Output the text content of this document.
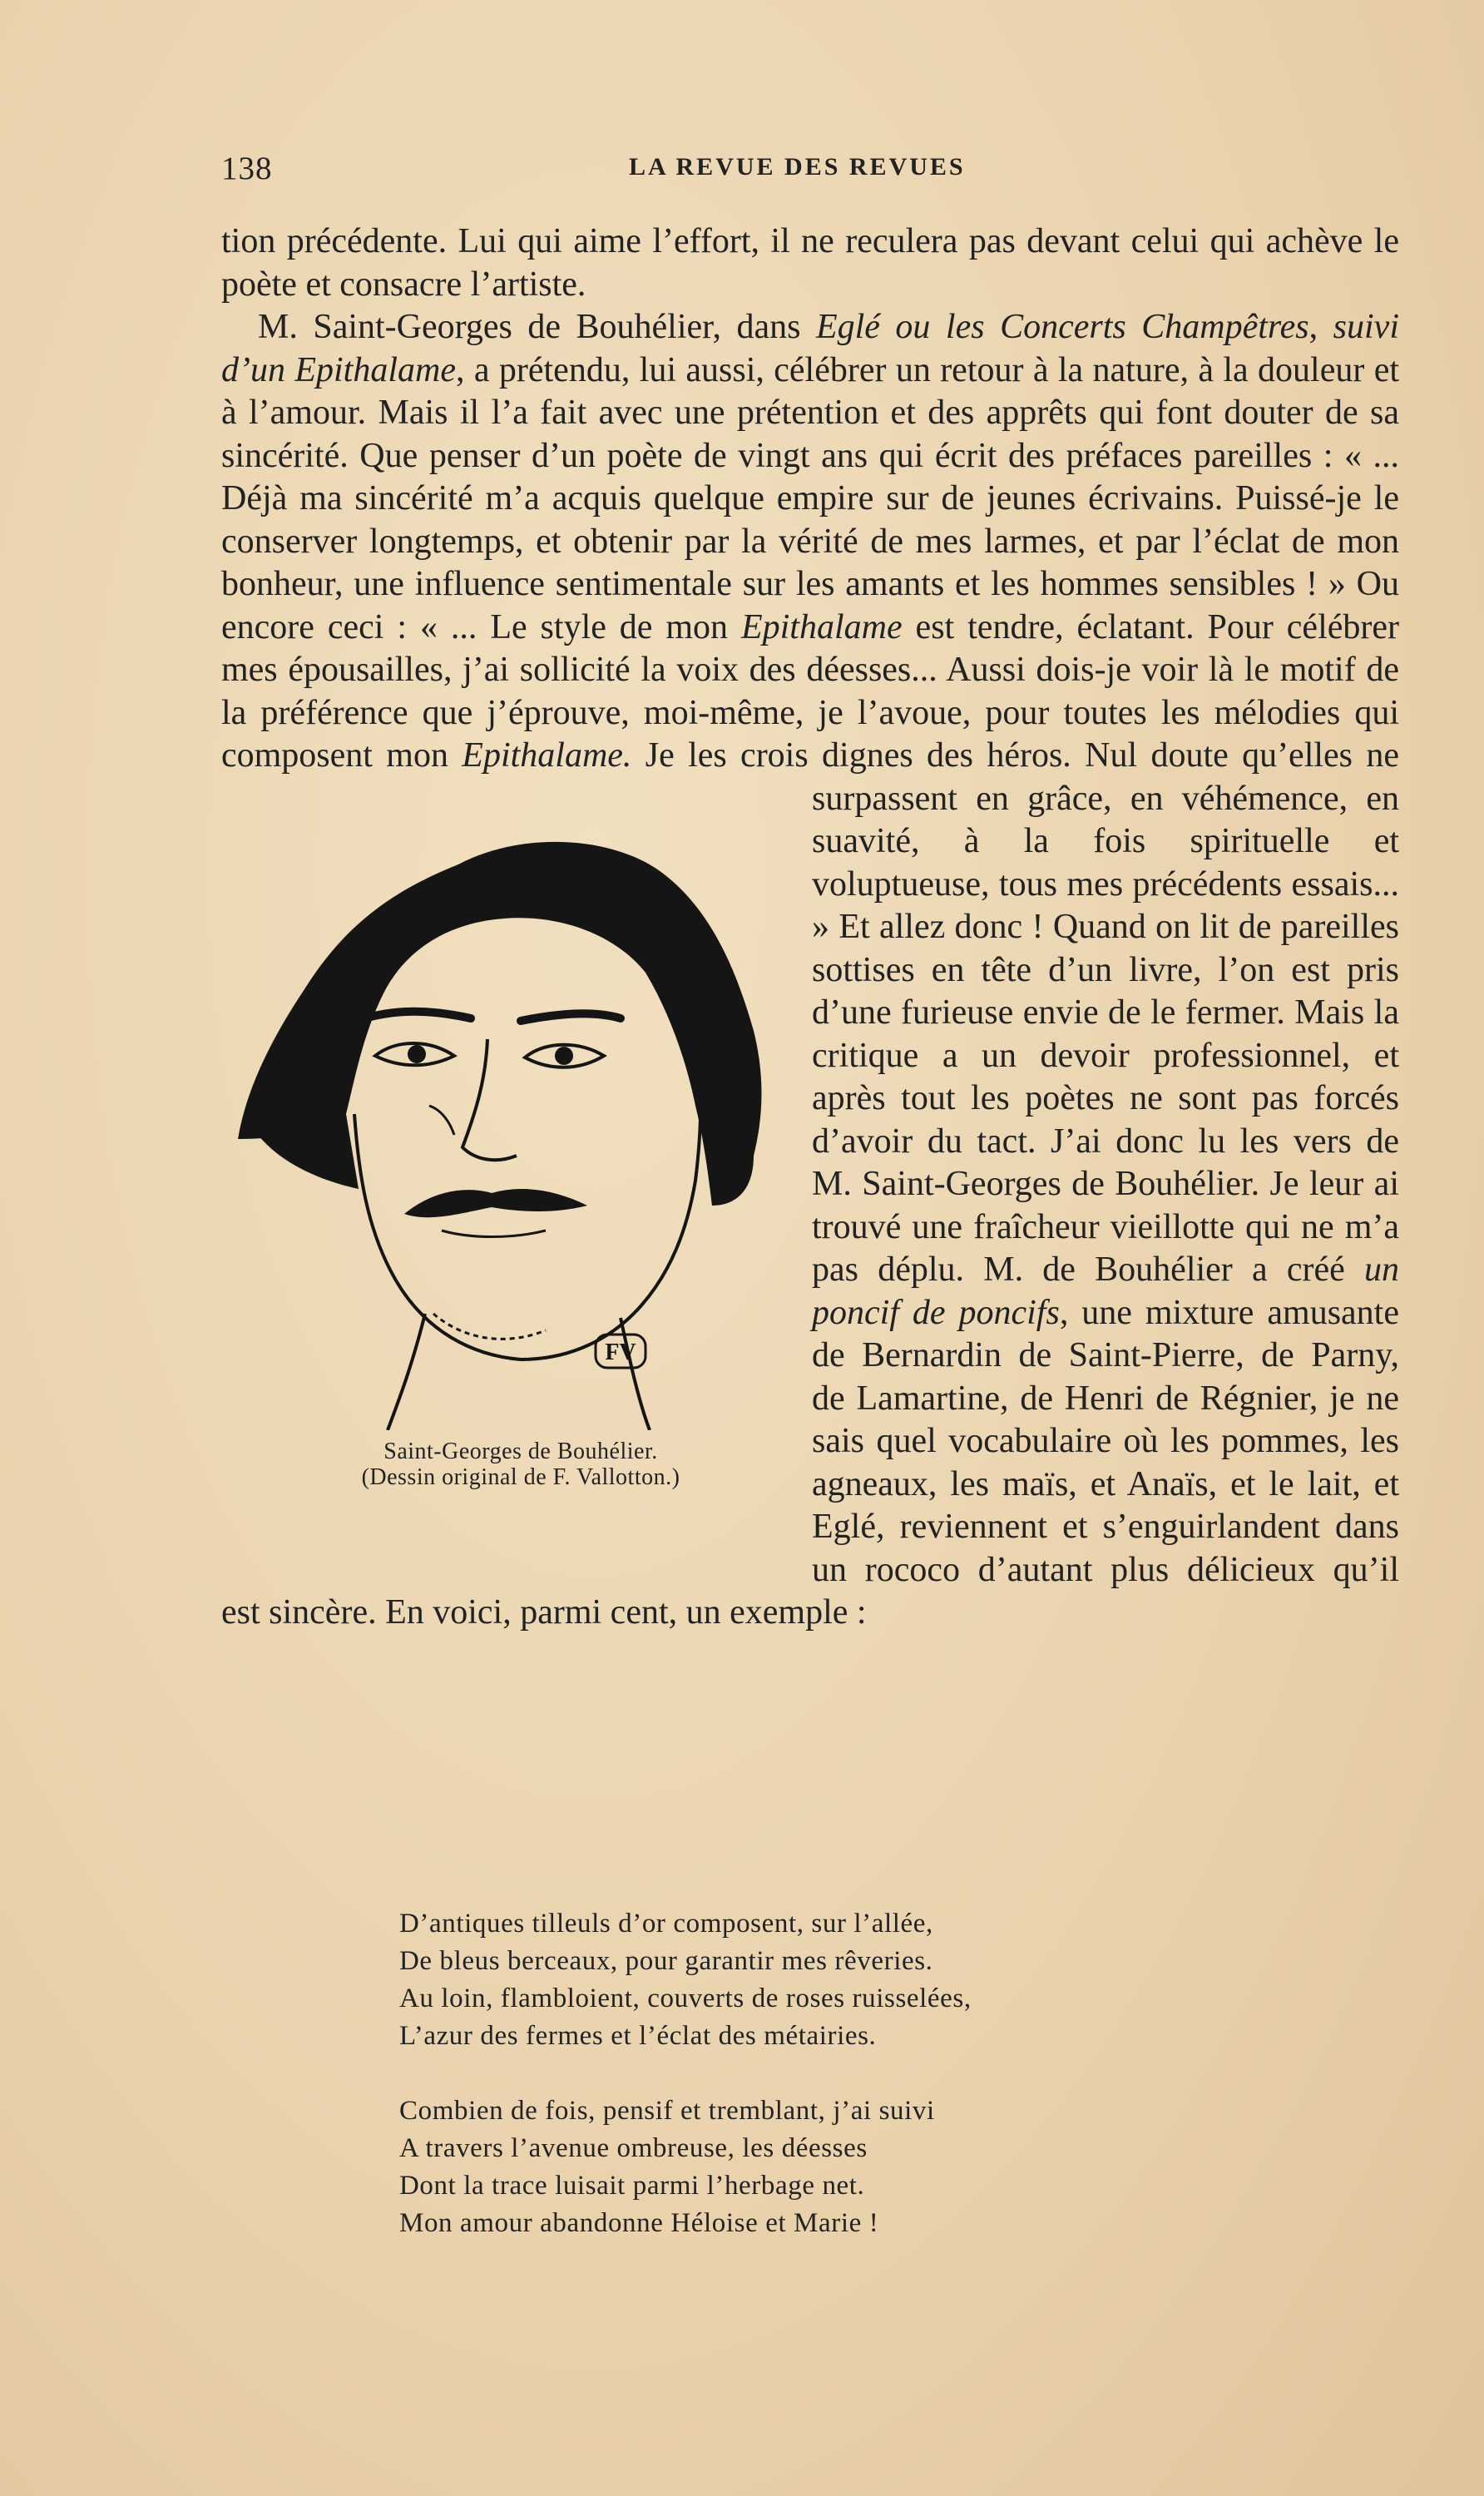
138	LA REVUE DES REVUES

tion précédente. Lui qui aime l’effort, il ne reculera pas devant celui qui achève le poète et consacre l’artiste.

M. Saint-Georges de Bouhélier, dans Eglé ou les Concerts Champêtres, suivi d’un Epithalame, a prétendu, lui aussi, célébrer un retour à la nature, à la douleur et à l’amour. Mais il l’a fait avec une prétention et des apprêts qui font douter de sa sincérité. Que penser d’un poète de vingt ans qui écrit des préfaces pareilles : « ... Déjà ma sincérité m’a acquis quelque empire sur de jeunes écrivains. Puissé-je le conserver longtemps, et obtenir par la vérité de mes larmes, et par l’éclat de mon bonheur, une influence sentimentale sur les amants et les hommes sensibles ! » Ou encore ceci : « ... Le style de mon Epithalame est tendre, éclatant. Pour célébrer mes épousailles, j’ai sollicité la voix des déesses... Aussi dois-je voir là le motif de la préférence que j’éprouve, moi-même, je l’avoue, pour toutes les mélodies qui composent mon
FV
Saint-Georges de Bouhélier.
(Dessin original de F. Vallotton.)
Epithalame. Je les crois dignes des héros. Nul doute qu’elles ne surpassent en grâce, en véhémence, en suavité, à la fois spirituelle et voluptueuse, tous mes précédents essais... » Et allez donc ! Quand on lit de pareilles sottises en tête d’un livre, l’on est pris d’une furieuse envie de le fermer. Mais la critique a un devoir professionnel, et après tout les poètes ne sont pas forcés d’avoir du tact. J’ai donc lu les vers de M. Saint-Georges de Bouhélier. Je leur ai trouvé une fraîcheur vieillotte qui ne m’a pas déplu. M. de Bouhélier a créé un poncif de poncifs, une mixture amusante de Bernardin de Saint-Pierre, de Parny, de Lamartine, de Henri de Régnier, je ne sais quel vocabulaire où les pommes, les agneaux, les maïs, et Anaïs, et le lait, et Eglé, reviennent et s’enguirlandent dans un rococo d’autant plus délicieux qu’il est sincère. En voici, parmi cent, un exemple :

D’antiques tilleuls d’or composent, sur l’allée,
De bleus berceaux, pour garantir mes rêveries.
Au loin, flambloient, couverts de roses ruisselées,
L’azur des fermes et l’éclat des métairies.
Combien de fois, pensif et tremblant, j’ai suivi
A travers l’avenue ombreuse, les déesses
Dont la trace luisait parmi l’herbage net.
Mon amour abandonne Héloise et Marie !
